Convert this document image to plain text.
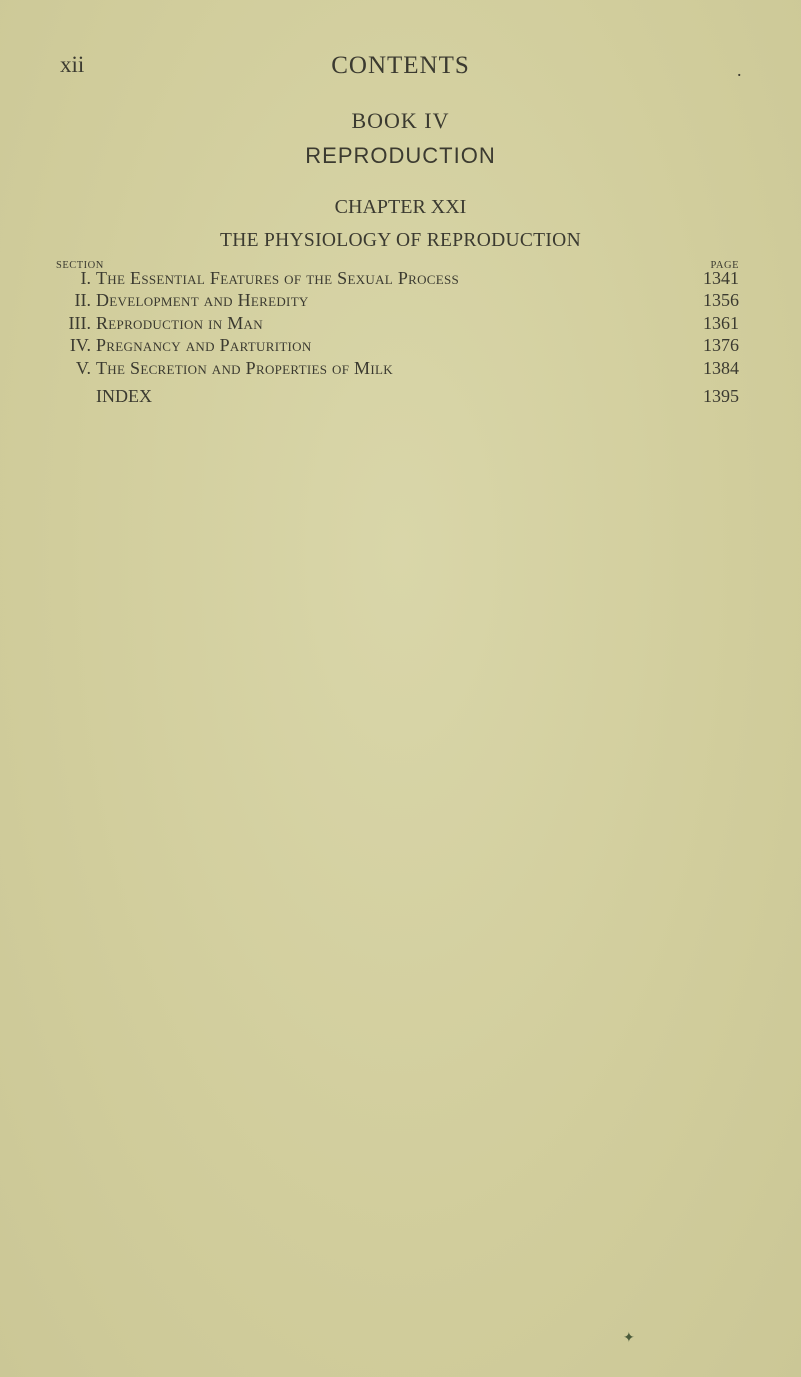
xii	CONTENTS	.
BOOK IV
REPRODUCTION
CHAPTER XXI
THE PHYSIOLOGY OF REPRODUCTION
SECTION	PAGE
I. The Essential Features of the Sexual Process	1341
II. Development and Heredity	1356
III. Reproduction in Man	1361
IV. Pregnancy and Parturition	1376
V. The Secretion and Properties of Milk	1384
INDEX	1395
✦
